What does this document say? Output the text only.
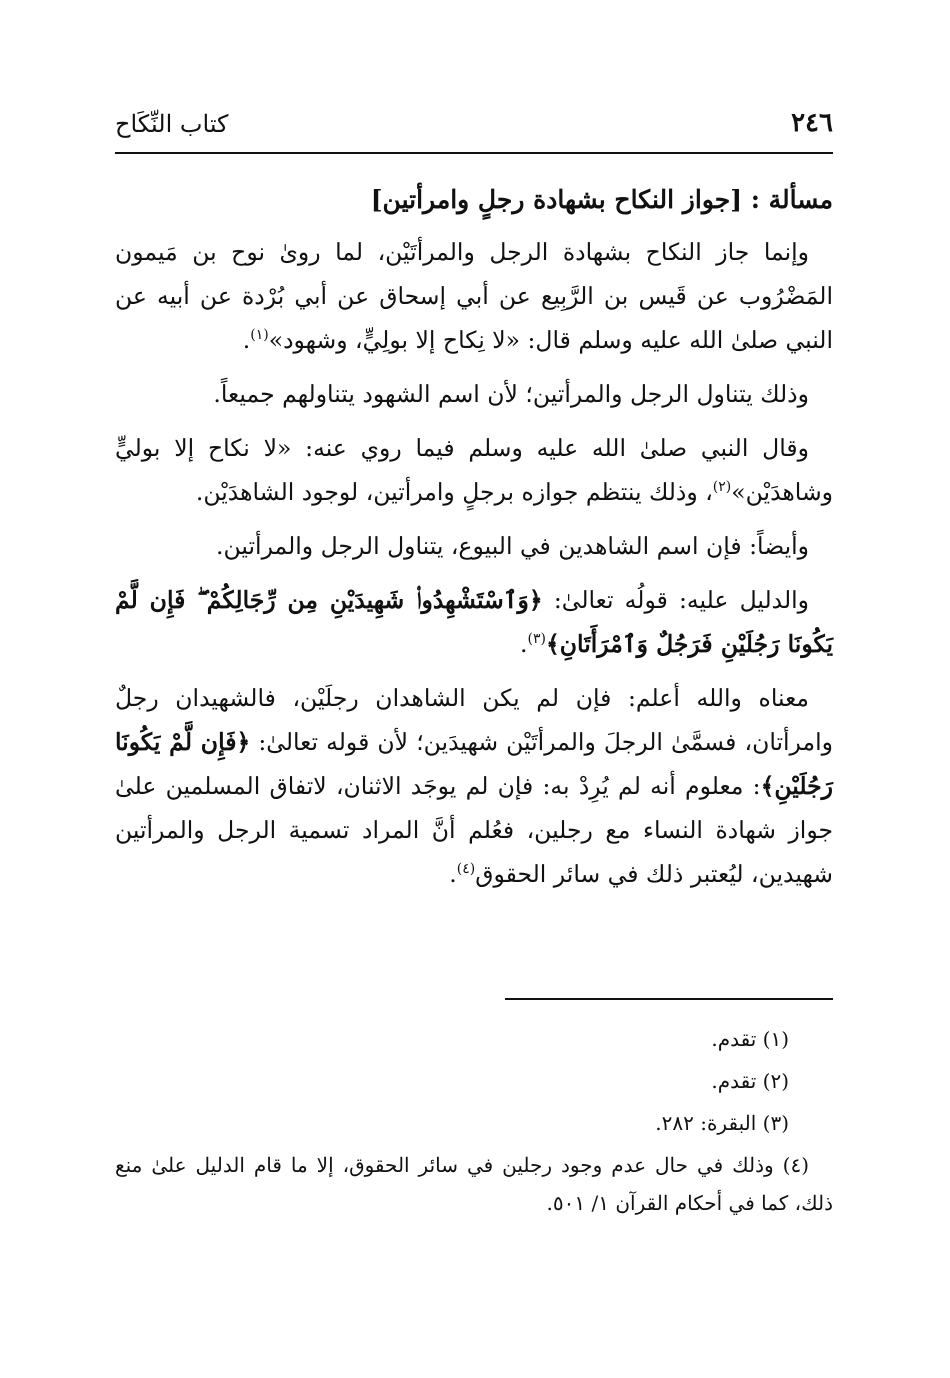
٢٤٦
كتاب النِّكَاح

مسألة : [جواز النكاح بشهادة رجلٍ وامرأتين]

وإنما جاز النكاح بشهادة الرجل والمرأتَيْن، لما روىٰ نوح بن مَيمون المَضْرُوب عن قَيس بن الرَّبِيع عن أبي إسحاق عن أبي بُرْدة عن أبيه عن النبي صلىٰ الله عليه وسلم قال: «لا نِكاح إلا بولِيٍّ، وشهود»$^{(١)}$.

وذلك يتناول الرجل والمرأتين؛ لأن اسم الشهود يتناولهم جميعاً.

وقال النبي صلىٰ الله عليه وسلم فيما روي عنه: «لا نكاح إلا بوليٍّ وشاهدَيْن»$^{(٢)}$، وذلك ينتظم جوازه برجلٍ وامرأتين، لوجود الشاهدَيْن.

وأيضاً: فإن اسم الشاهدين في البيوع، يتناول الرجل والمرأتين.

والدليل عليه: قولُه تعالىٰ: ﴿وَٱسْتَشْهِدُوا۟ شَهِيدَيْنِ مِن رِّجَالِكُمْ ۖ فَإِن لَّمْ يَكُونَا رَجُلَيْنِ فَرَجُلٌ وَٱمْرَأَتَانِ﴾$^{(٣)}$.

معناه والله أعلم: فإن لم يكن الشاهدان رجلَيْن، فالشهيدان رجلٌ وامرأتان، فسمَّىٰ الرجلَ والمرأتَيْن شهيدَين؛ لأن قوله تعالىٰ: ﴿فَإِن لَّمْ يَكُونَا رَجُلَيْنِ﴾: معلوم أنه لم يُرِدْ به: فإن لم يوجَد الاثنان، لاتفاق المسلمين علىٰ جواز شهادة النساء مع رجلين، فعُلم أنَّ المراد تسمية الرجل والمرأتين شهيدين، ليُعتبر ذلك في سائر الحقوق$^{(٤)}$.

(١) تقدم.

(٢) تقدم.

(٣) البقرة: ٢٨٢.

(٤) وذلك في حال عدم وجود رجلين في سائر الحقوق، إلا ما قام الدليل علىٰ منع ذلك، كما في أحكام القرآن ١/ ٥٠١.
